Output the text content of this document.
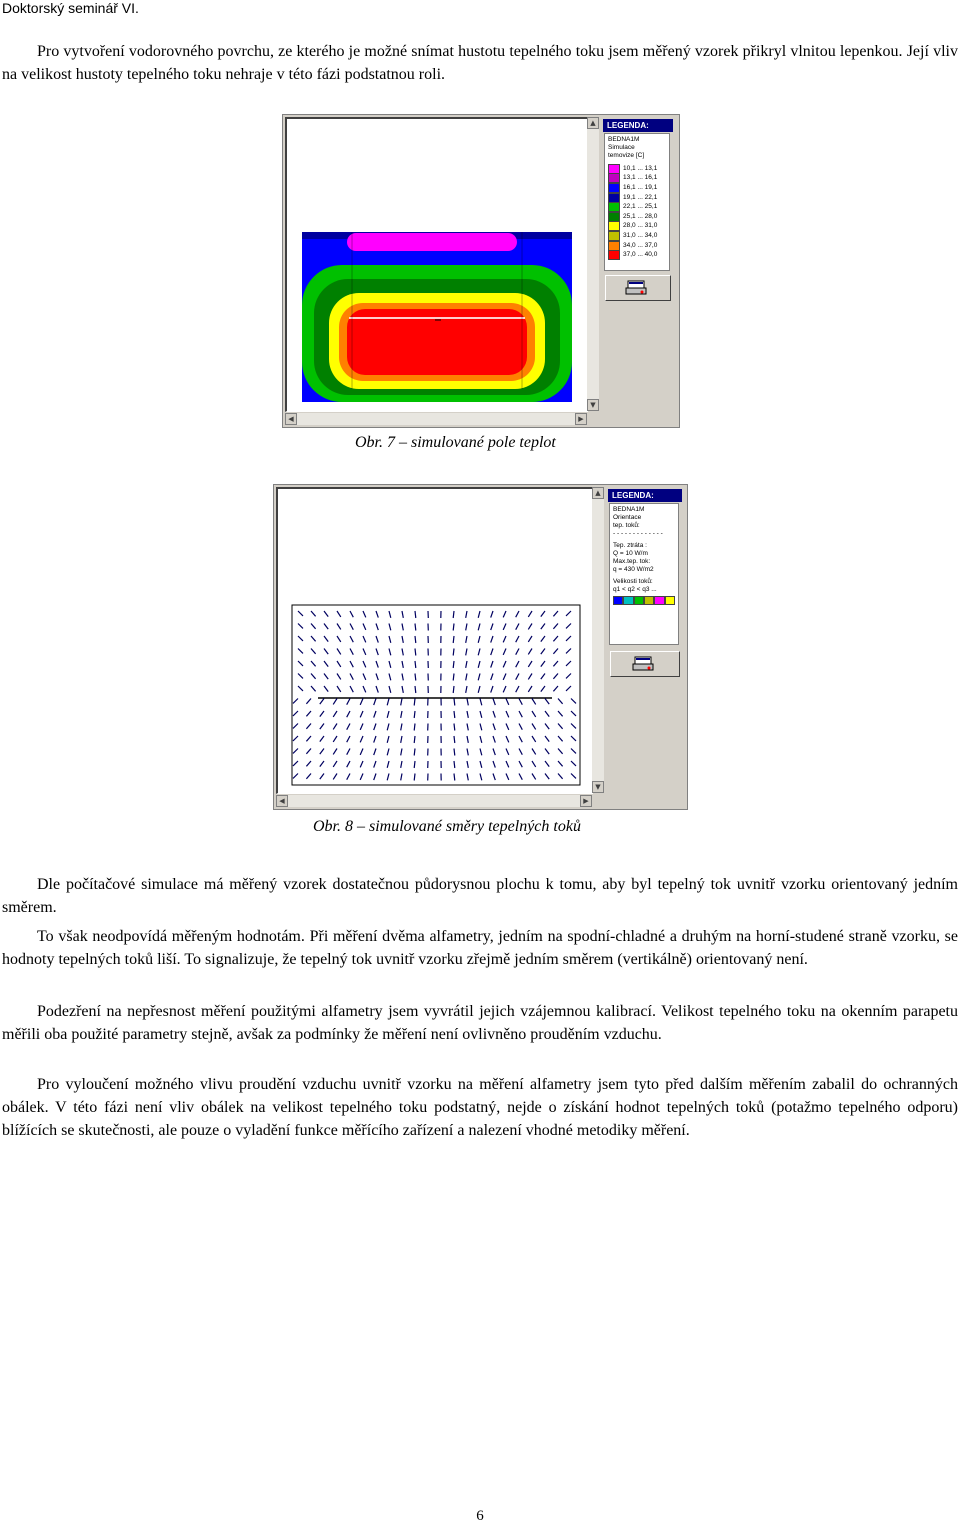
Doktorský seminář VI.

Pro vytvoření vodorovného povrchu, ze kterého je možné snímat hustotu tepelného toku jsem měřený vzorek přikryl vlnitou lepenkou. Její vliv na velikost hustoty tepelného toku nehraje v této fázi podstatnou roli.

▲
▼
◀	▶
LEGENDA:
BEDNA1M
Simulace
temovize [C]
10,1 ... 13,1
13,1 ... 16,1
16,1 ... 19,1
19,1 ... 22,1
22,1 ... 25,1
25,1 ... 28,0
28,0 ... 31,0
31,0 ... 34,0
34,0 ... 37,0
37,0 ... 40,0
Obr. 7 – simulované pole teplot
▲
▼
◀	▶
LEGENDA:
BEDNA1M
Orientace
tep. toků:
- - - - - - - - - - - - -
Tep. ztráta :
Q = 10 W/m
Max.tep. tok:
q = 430 W/m2
Velikosti toků:
q1 < q2 < q3 ...
Obr. 8 – simulované směry tepelných toků

Dle počítačové simulace má měřený vzorek dostatečnou půdorysnou plochu k tomu, aby byl tepelný tok uvnitř vzorku orientovaný jedním směrem.

To však neodpovídá měřeným hodnotám. Při měření dvěma alfametry, jedním na spodní-chladné a druhým na horní-studené straně vzorku, se hodnoty tepelných toků liší. To signalizuje, že tepelný tok uvnitř vzorku zřejmě jedním směrem (vertikálně) orientovaný není.

Podezření na nepřesnost měření použitými alfametry jsem vyvrátil jejich vzájemnou kalibrací. Velikost tepelného toku na okenním parapetu měřili oba použité parametry stejně, avšak za podmínky že měření není ovlivněno prouděním vzduchu.

Pro vyloučení možného vlivu proudění vzduchu uvnitř vzorku na měření alfametry jsem tyto před dalším měřením zabalil do ochranných obálek. V této fázi není vliv obálek na velikost tepelného toku podstatný, nejde o získání hodnot tepelných toků (potažmo tepelného odporu) blížících se skutečnosti, ale pouze o vyladění funkce měřícího zařízení a nalezení vhodné metodiky měření.

6
